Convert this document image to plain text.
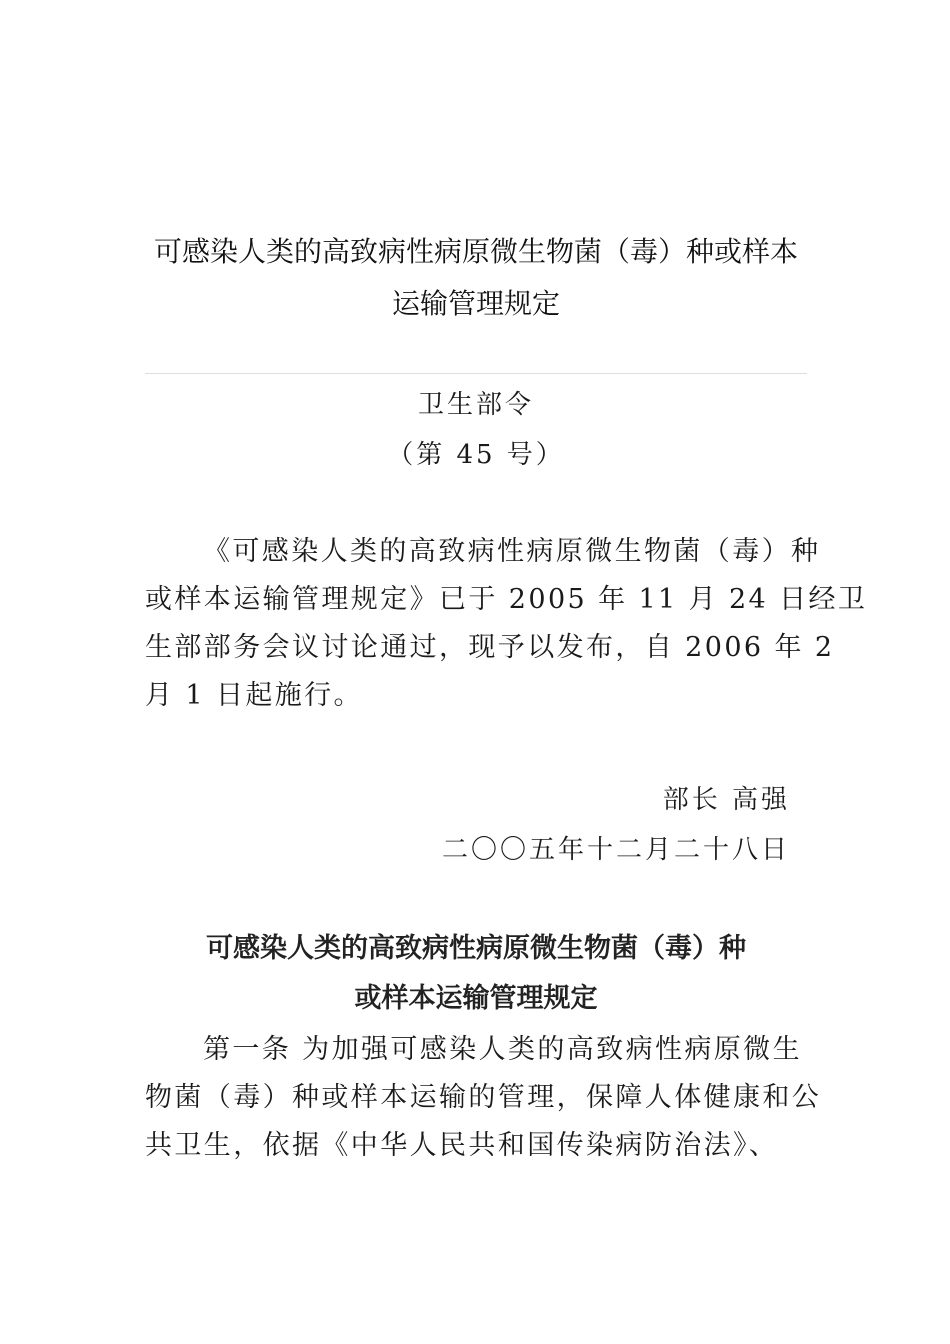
可感染人类的高致病性病原微生物菌（毒）种或样本
运输管理规定
卫生部令
（第 45 号）
《可感染人类的高致病性病原微生物菌（毒）种
或样本运输管理规定》已于 2005 年 11 月 24 日经卫
生部部务会议讨论通过，现予以发布，自 2006 年 2
月 1 日起施行。
部长 高强
二〇〇五年十二月二十八日
可感染人类的高致病性病原微生物菌（毒）种
或样本运输管理规定
第一条 为加强可感染人类的高致病性病原微生
物菌（毒）种或样本运输的管理，保障人体健康和公
共卫生，依据《中华人民共和国传染病防治法》、
